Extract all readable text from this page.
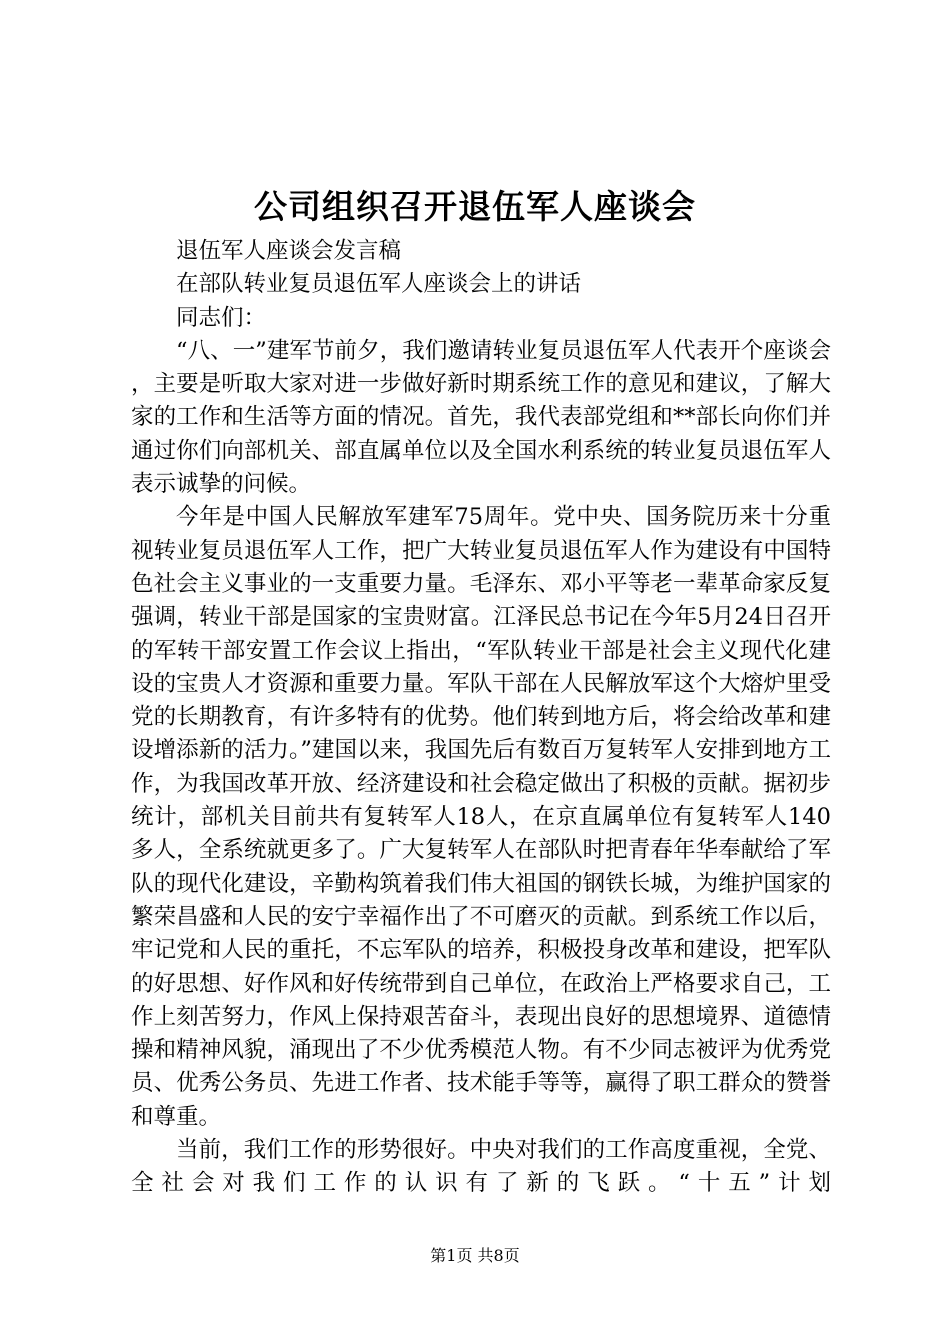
公司组织召开退伍军人座谈会

退伍军人座谈会发言稿

在部队转业复员退伍军人座谈会上的讲话

同志们：

“八、一”建军节前夕，我们邀请转业复员退伍军人代表开个座谈会，主要是听取大家对进一步做好新时期系统工作的意见和建议，了解大家的工作和生活等方面的情况。首先，我代表部党组和**部长向你们并通过你们向部机关、部直属单位以及全国水利系统的转业复员退伍军人表示诚挚的问候。

今年是中国人民解放军建军75周年。党中央、国务院历来十分重视转业复员退伍军人工作，把广大转业复员退伍军人作为建设有中国特色社会主义事业的一支重要力量。毛泽东、邓小平等老一辈革命家反复强调，转业干部是国家的宝贵财富。江泽民总书记在今年5月24日召开的军转干部安置工作会议上指出，“军队转业干部是社会主义现代化建设的宝贵人才资源和重要力量。军队干部在人民解放军这个大熔炉里受党的长期教育，有许多特有的优势。他们转到地方后，将会给改革和建设增添新的活力。”建国以来，我国先后有数百万复转军人安排到地方工作，为我国改革开放、经济建设和社会稳定做出了积极的贡献。据初步统计，部机关目前共有复转军人18人，在京直属单位有复转军人140多人，全系统就更多了。广大复转军人在部队时把青春年华奉献给了军队的现代化建设，辛勤构筑着我们伟大祖国的钢铁长城，为维护国家的繁荣昌盛和人民的安宁幸福作出了不可磨灭的贡献。到系统工作以后，牢记党和人民的重托，不忘军队的培养，积极投身改革和建设，把军队的好思想、好作风和好传统带到自己单位，在政治上严格要求自己，工作上刻苦努力，作风上保持艰苦奋斗，表现出良好的思想境界、道德情操和精神风貌，涌现出了不少优秀模范人物。有不少同志被评为优秀党员、优秀公务员、先进工作者、技术能手等等，赢得了职工群众的赞誉和尊重。

当前，我们工作的形势很好。中央对我们的工作高度重视，全党、全社会对我们工作的认识有了新的飞跃。“十五”计划

第1页 共8页
